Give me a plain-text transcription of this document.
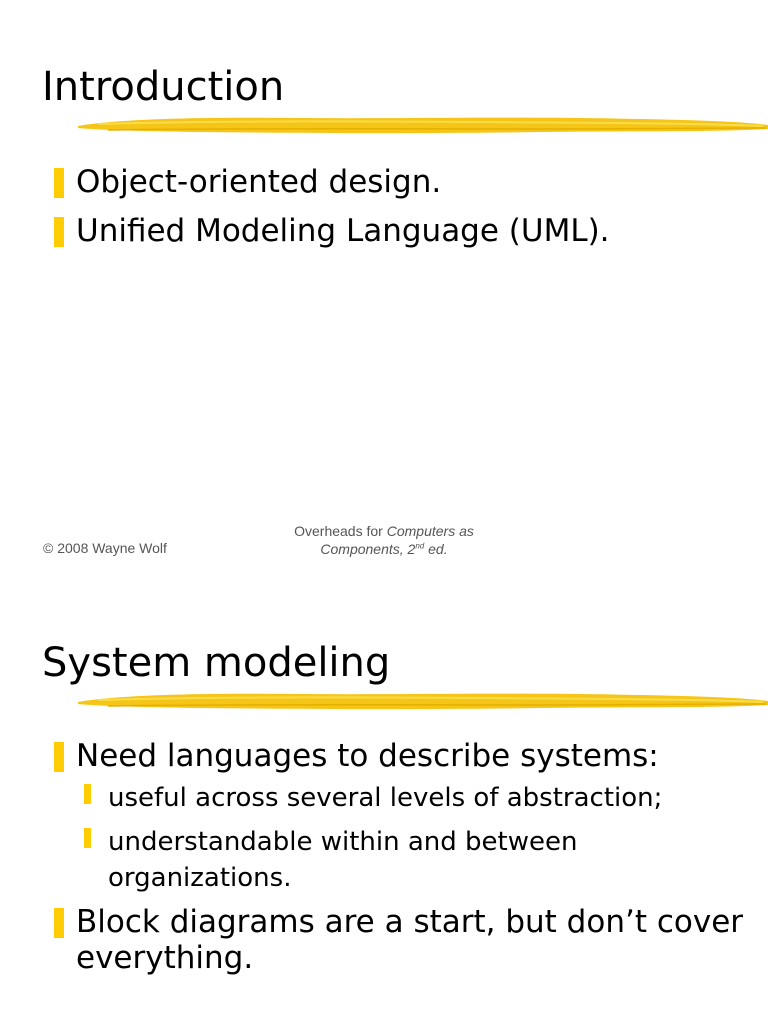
Introduction
Object-oriented design.
Unified Modeling Language (UML).
© 2008 Wayne Wolf
Overheads for Computers as
Components, 2nd ed.
System modeling
Need languages to describe systems:
useful across several levels of abstraction;
understandable within and between organizations.
Block diagrams are a start, but don’t cover everything.
